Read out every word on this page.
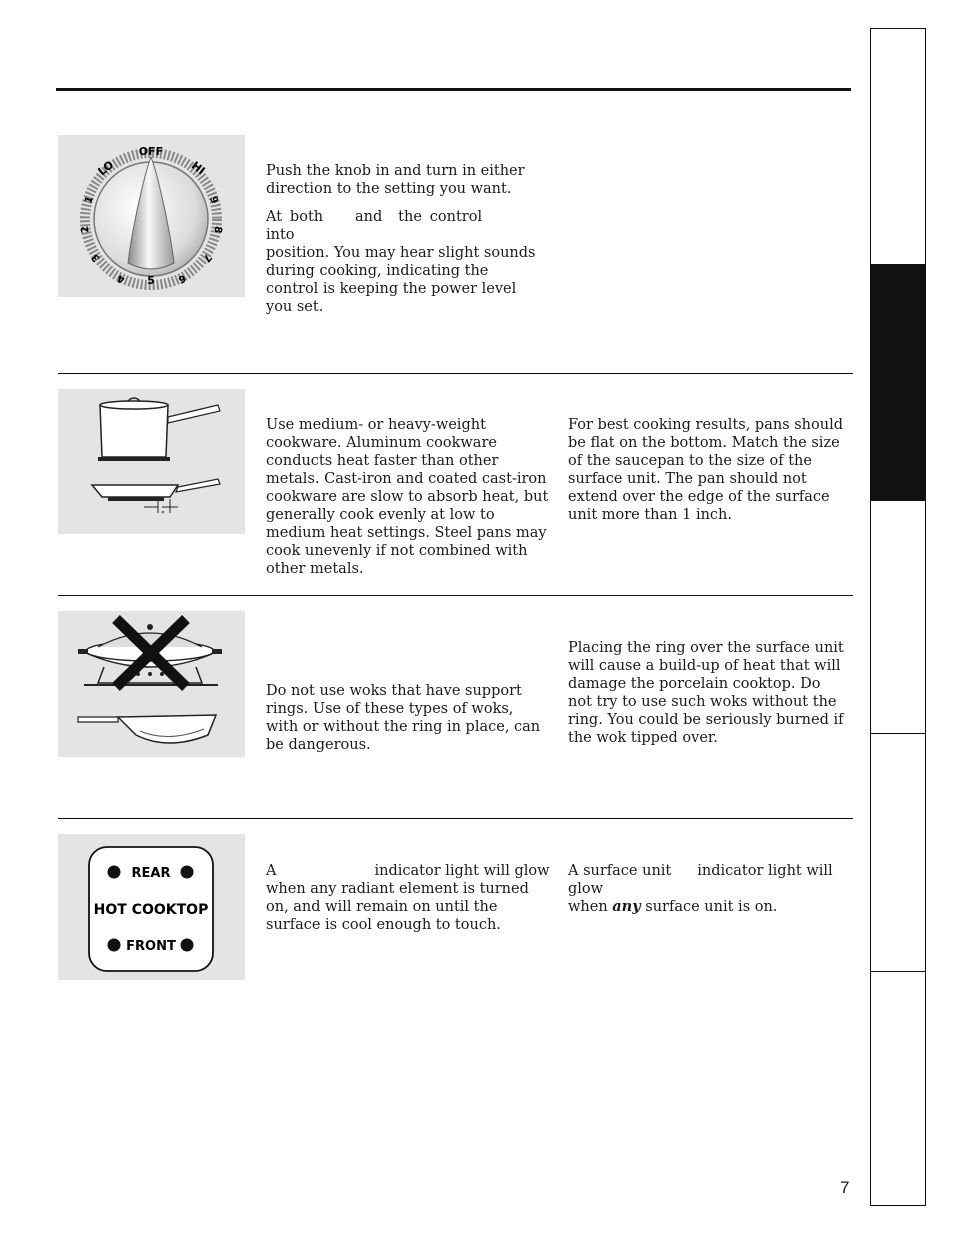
OFF
LO	HI
1
2
3
4 5 6
7
8
9

Push the knob in and turn in either direction to the setting you want.

At both and the control into
position. You may hear slight sounds during cooking, indicating the control is keeping the power level you set.

"
Use medium- or heavy-weight cookware. Aluminum cookware conducts heat faster than other metals. Cast-iron and coated cast-iron cookware are slow to absorb heat, but generally cook evenly at low to medium heat settings. Steel pans may cook unevenly if not combined with other metals.
For best cooking results, pans should be flat on the bottom. Match the size of the saucepan to the size of the surface unit. The pan should not extend over the edge of the surface unit more than 1 inch.
Do not use woks that have support rings. Use of these types of woks, with or without the ring in place, can be dangerous.
Placing the ring over the surface unit will cause a build-up of heat that will damage the porcelain cooktop. Do not try to use such woks without the ring. You could be seriously burned if the wok tipped over.
REAR
HOT COOKTOP
FRONT
A	indicator light will glow when any radiant element is turned on, and will remain on until the surface is cool enough to touch.
A surface unit indicator light will glow
when any surface unit is on.
7
